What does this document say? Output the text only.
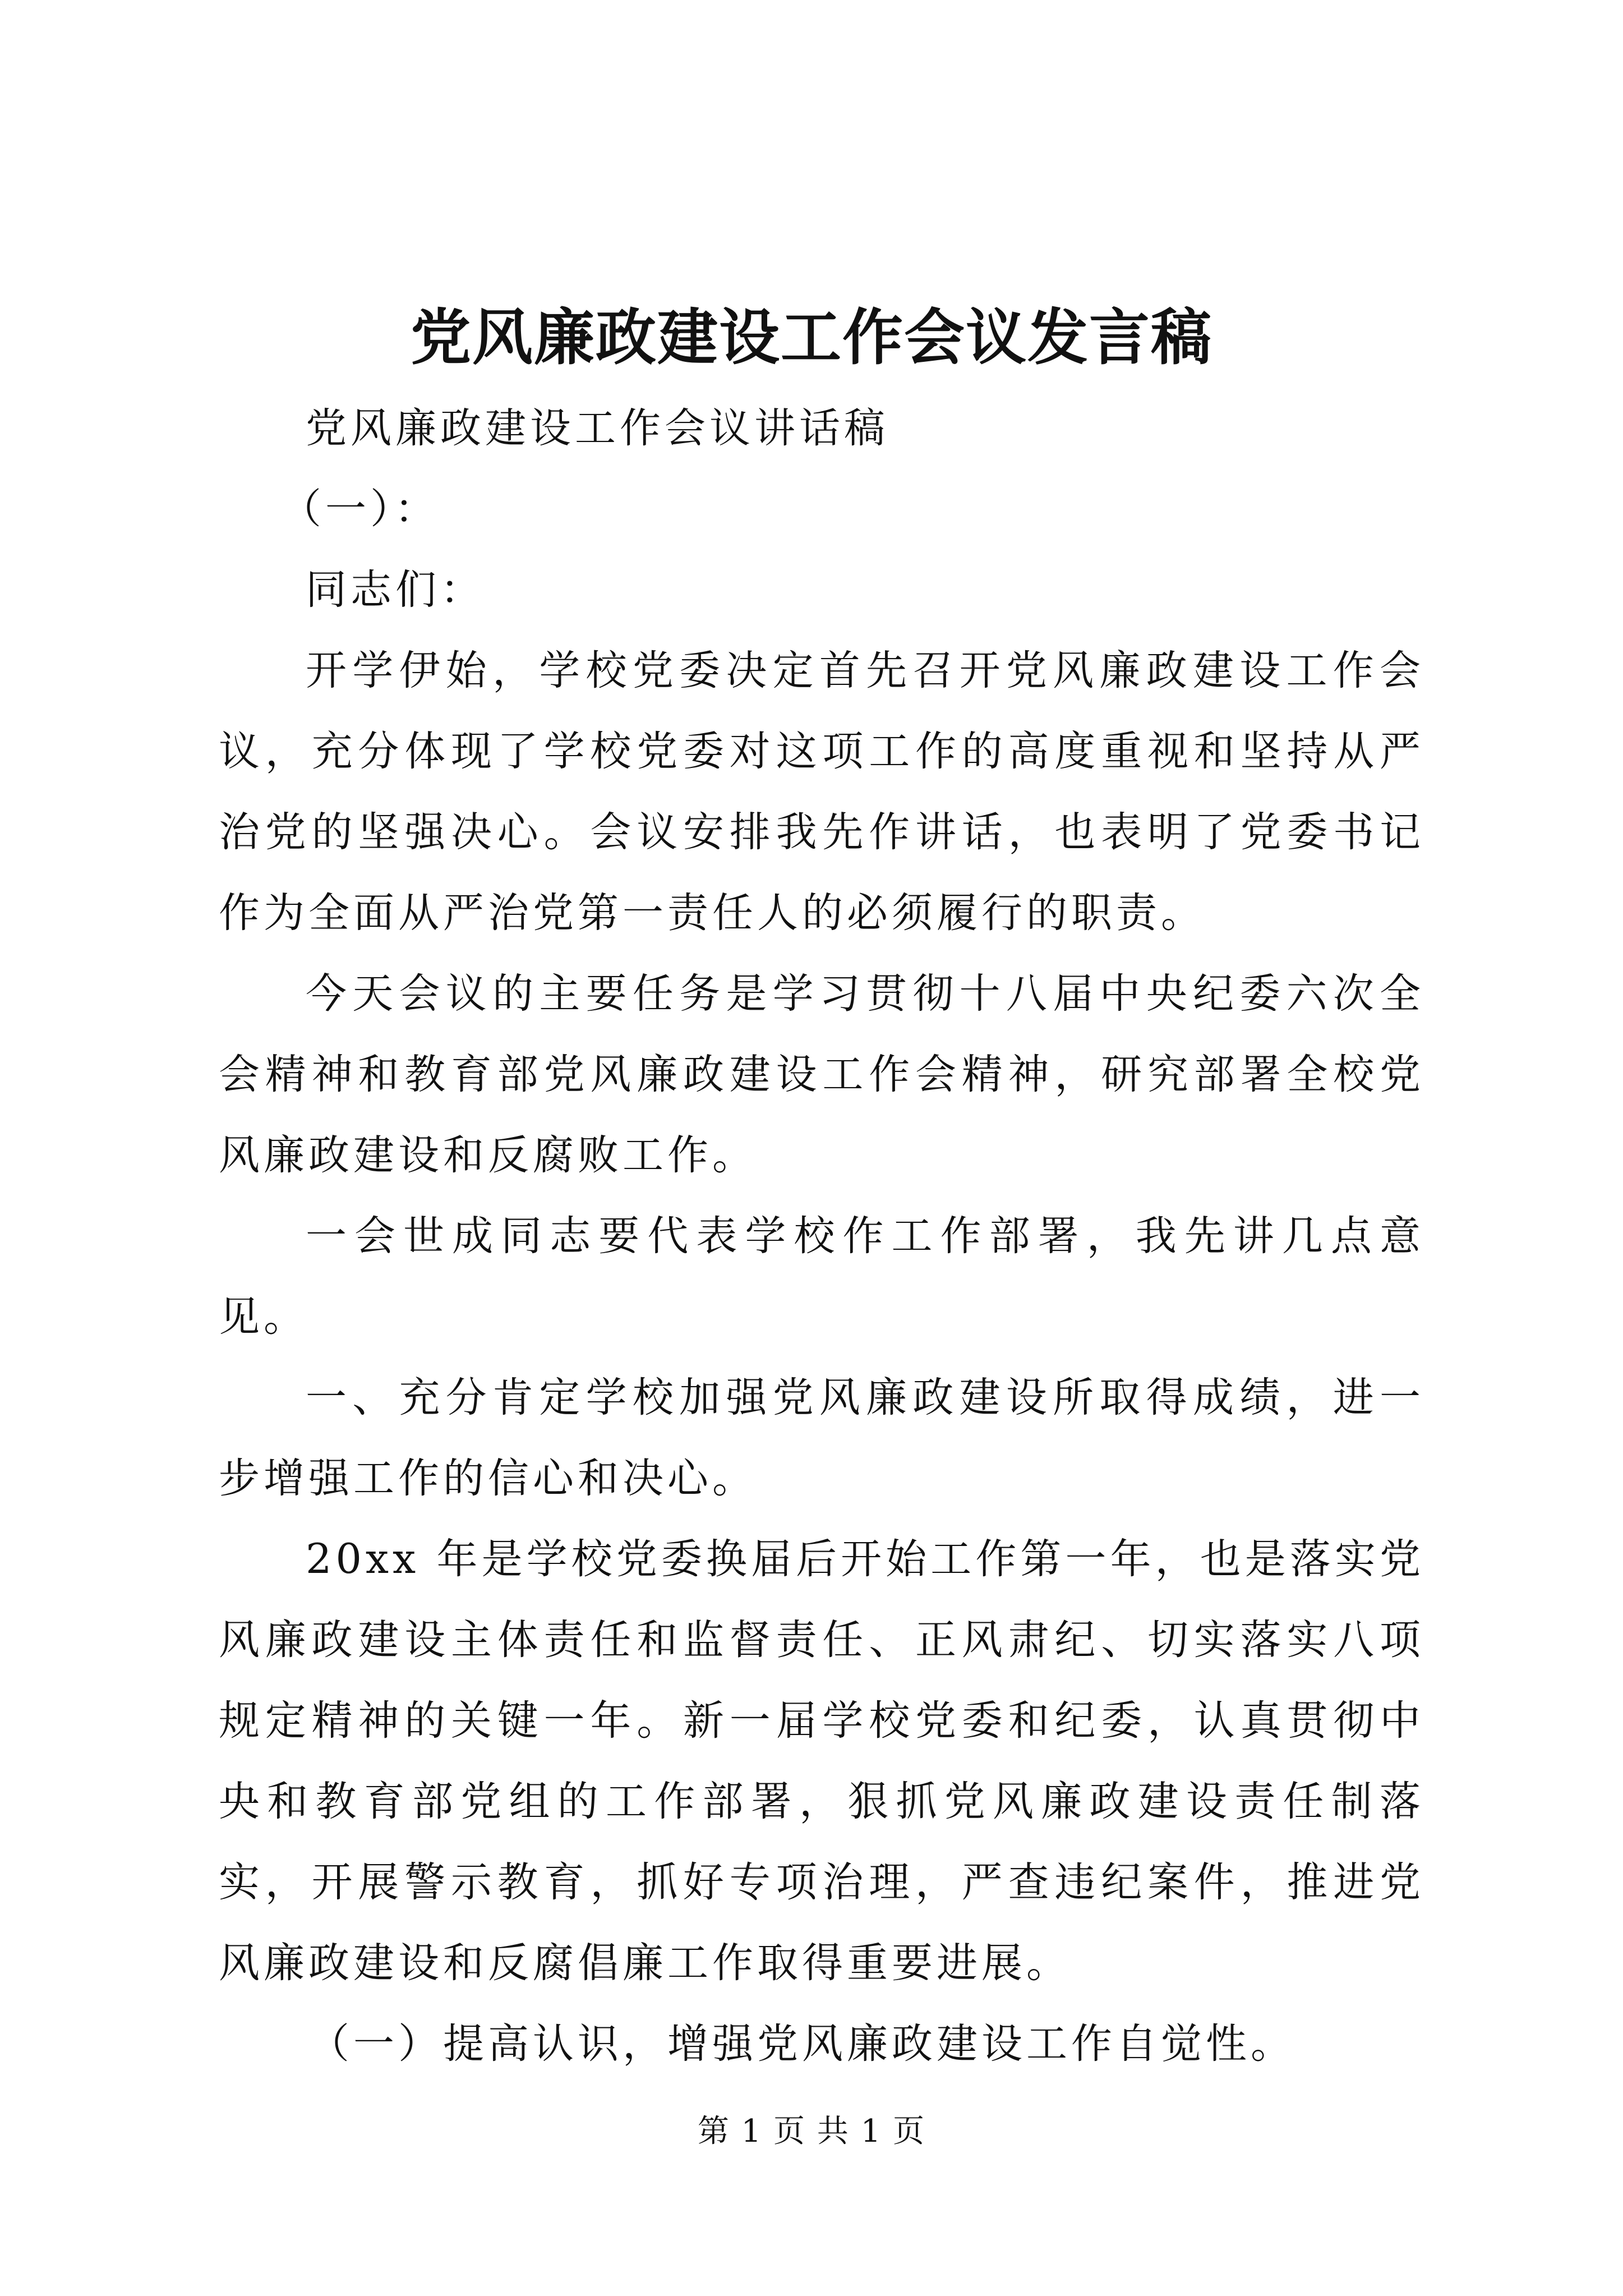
党风廉政建设工作会议发言稿

党风廉政建设工作会议讲话稿

（一）：

同志们：

开学伊始，学校党委决定首先召开党风廉政建设工作会议，充分体现了学校党委对这项工作的高度重视和坚持从严治党的坚强决心。会议安排我先作讲话，也表明了党委书记作为全面从严治党第一责任人的必须履行的职责。

今天会议的主要任务是学习贯彻十八届中央纪委六次全会精神和教育部党风廉政建设工作会精神，研究部署全校党风廉政建设和反腐败工作。

一会世成同志要代表学校作工作部署，我先讲几点意见。

一、充分肯定学校加强党风廉政建设所取得成绩，进一步增强工作的信心和决心。

20xx 年是学校党委换届后开始工作第一年，也是落实党风廉政建设主体责任和监督责任、正风肃纪、切实落实八项规定精神的关键一年。新一届学校党委和纪委，认真贯彻中央和教育部党组的工作部署，狠抓党风廉政建设责任制落实，开展警示教育，抓好专项治理，严查违纪案件，推进党风廉政建设和反腐倡廉工作取得重要进展。

（一）提高认识，增强党风廉政建设工作自觉性。

第 1 页 共 1 页
